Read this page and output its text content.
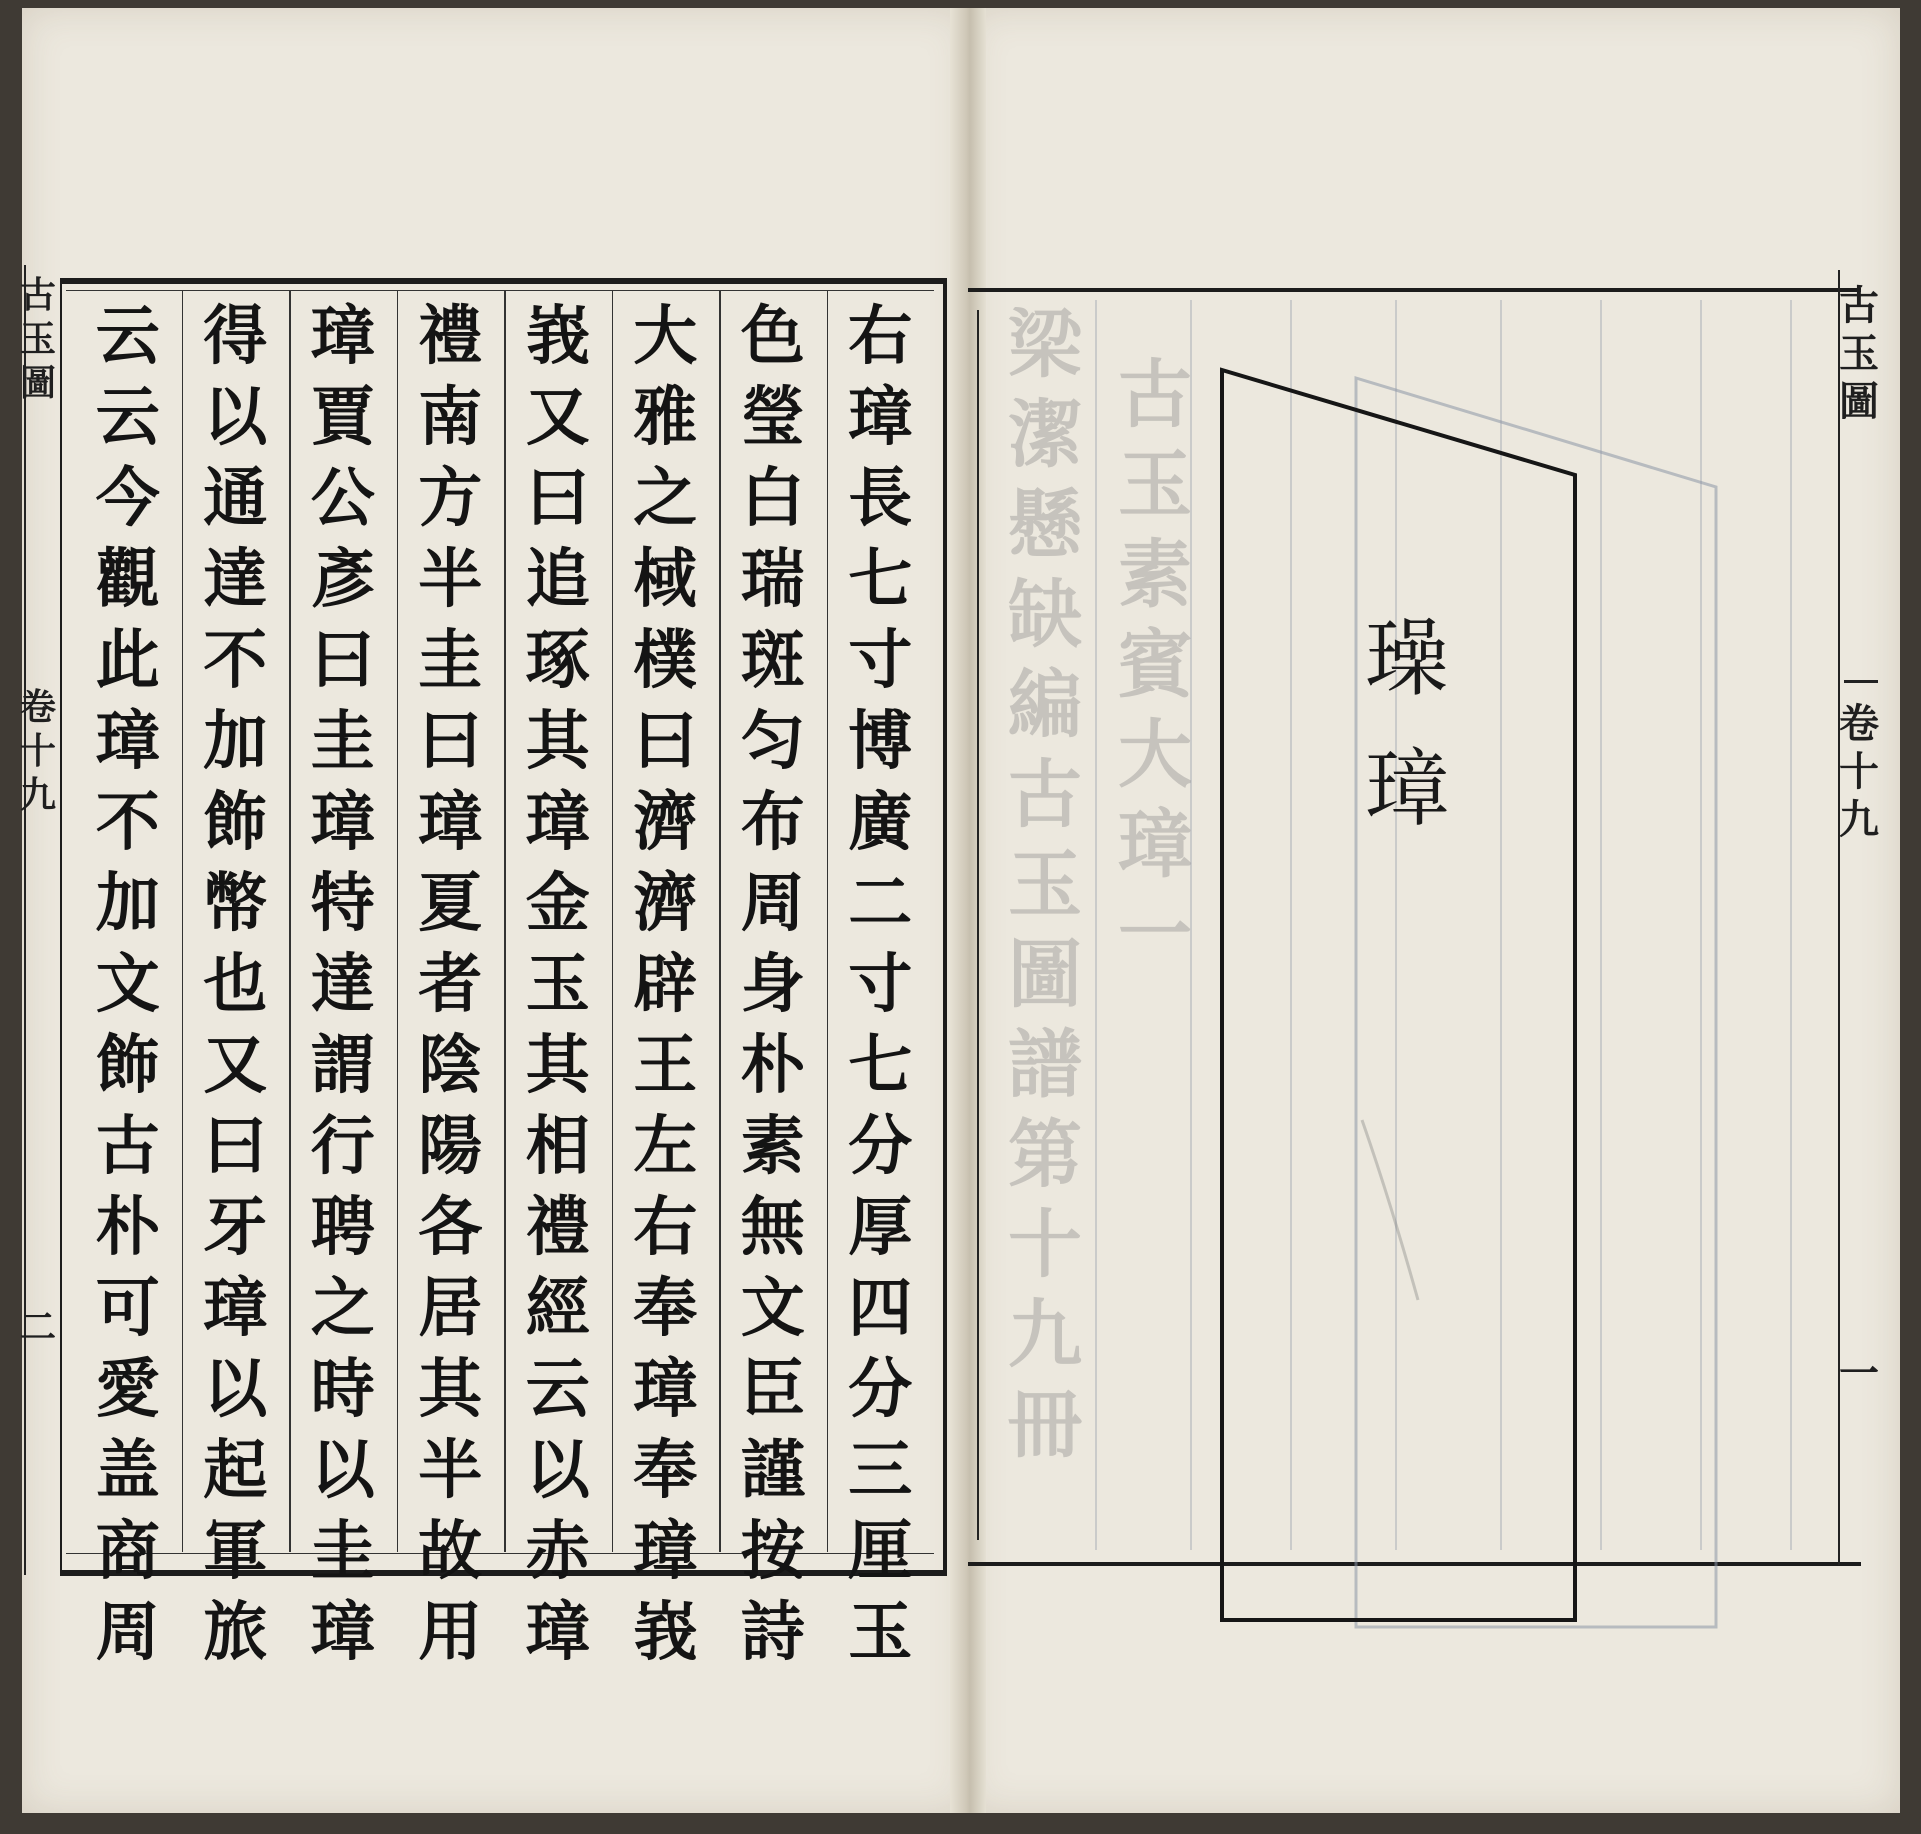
古玉圖
卷十九
二
右
璋
長
七
寸
博
廣
二
寸
七
分
厚
四
分
三
厘
玉
色
瑩
白
瑞
斑
匀
布
周
身
朴
素
無
文
臣
謹
按
詩
大
雅
之
棫
樸
曰
濟
濟
辟
王
左
右
奉
璋
奉
璋
峩
峩
又
曰
追
琢
其
璋
金
玉
其
相
禮
經
云
以
赤
璋
禮
南
方
半
圭
曰
璋
夏
者
陰
陽
各
居
其
半
故
用
璋
賈
公
彥
曰
圭
璋
特
達
謂
行
聘
之
時
以
圭
璋
得
以
通
達
不
加
飾
幣
也
又
曰
牙
璋
以
起
軍
旅
云
云
今
觀
此
璋
不
加
文
飾
古
朴
可
愛
盖
商
周
古
玉
素
賓
大
璋
一
梁
潔
懸
缺
編
古
玉
圖
譜
第
十
九
冊
璪
璋
古玉圖
卷十九
一
